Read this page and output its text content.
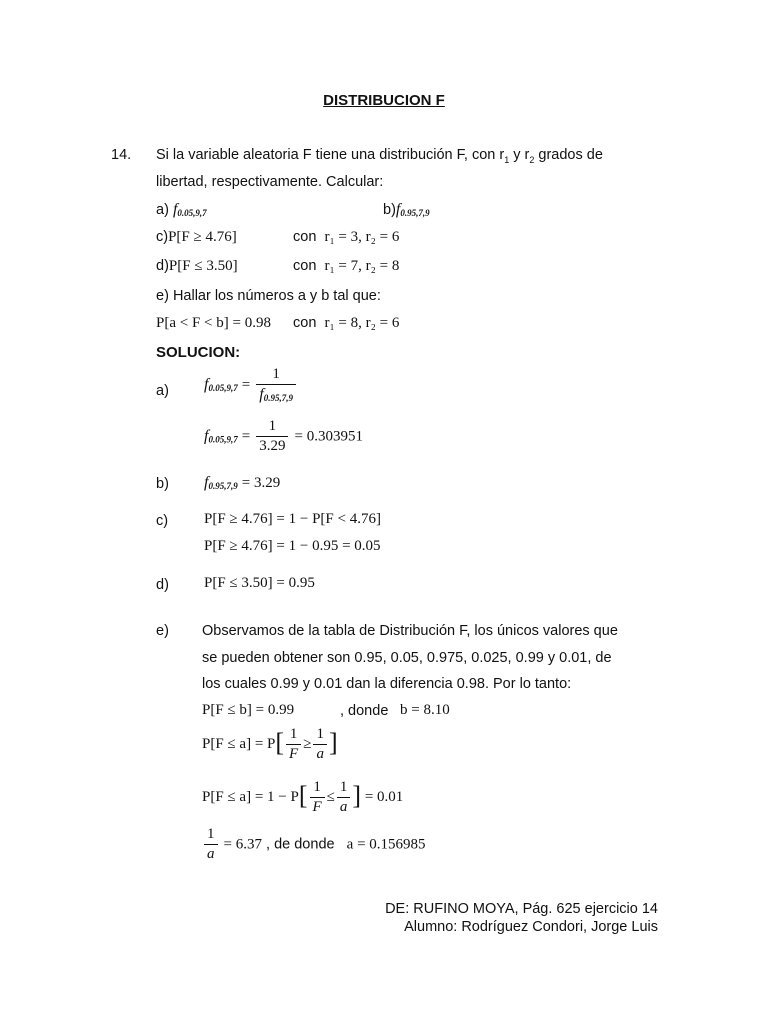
DISTRIBUCION F
14. Si la variable aleatoria F tiene una distribución F, con $r_1$ y $r_2$ grados de
libertad, respectivamente. Calcular:
a) f0.05,9,7	b)f0.95,7,9
c)P[F ≥ 4.76]	con r₁ = 3, r₂ = 6
d)P[F ≤ 3.50]	con r₁ = 7, r₂ = 8
e) Hallar los números a y b tal que:
P[a < F < b] = 0.98 con r₁ = 8, r₂ = 6
SOLUCION:
a) $f0.05,9,7 = \frac{1}{f0.95,7,9}$
$f0.05,9,7 = \frac{1}{3.29} = 0.303951$
b) f0.95,7,9 = 3.29
c) P[F ≥ 4.76] = 1 − P[F < 4.76]
P[F ≥ 4.76] = 1 − 0.95 = 0.05
d) P[F ≤ 3.50] = 0.95
e) Observamos de la tabla de Distribución F, los únicos valores que
se pueden obtener son 0.95, 0.05, 0.975, 0.025, 0.99 y 0.01, de
los cuales 0.99 y 0.01 dan la diferencia 0.98. Por lo tanto:
P[F ≤ b] = 0.99	, donde b = 8.10
$P[F \le a] = P[ \frac{1}{F} \ge \frac{1}{a}$ ]
$P[F \le a] = 1 - P[ \frac{1}{F} \le \frac{1}{a}$ ] = 0.01
$\frac{1}{a} = 6.37$ , de donde a = 0.156985
DE: RUFINO MOYA, Pág. 625 ejercicio 14
Alumno: Rodríguez Condori, Jorge Luis
